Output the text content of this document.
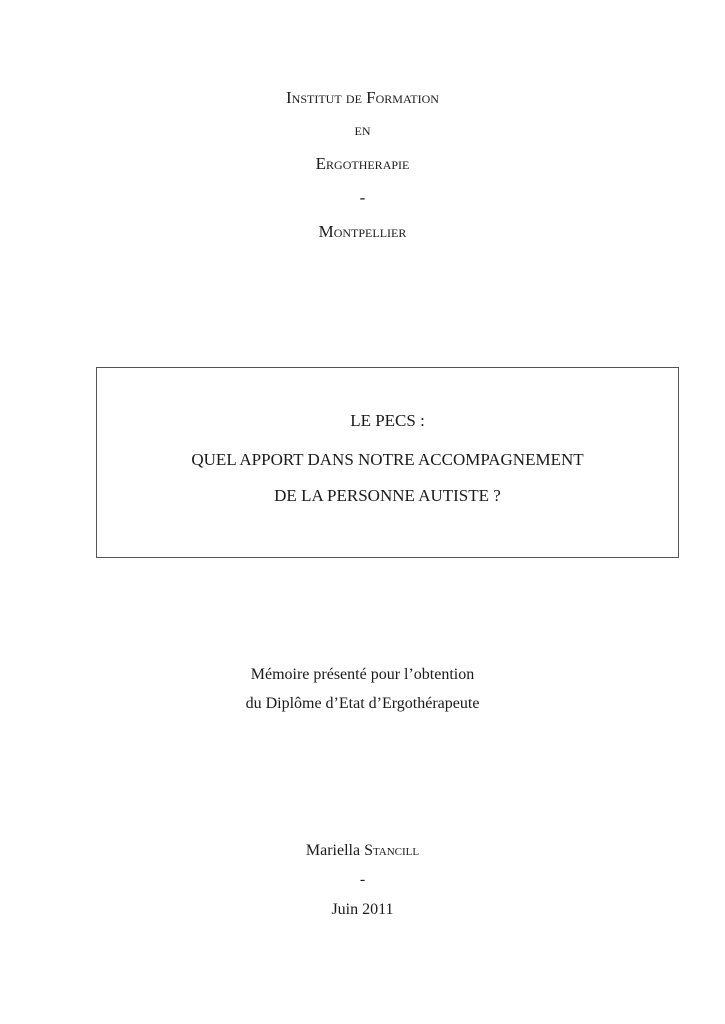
Institut de Formation
en
Ergotherapie
-
Montpellier
LE PECS :
QUEL APPORT DANS NOTRE ACCOMPAGNEMENT
DE LA PERSONNE AUTISTE ?
Mémoire présenté pour l’obtention
du Diplôme d’Etat d’Ergothérapeute
Mariella Stancill
-
Juin 2011
